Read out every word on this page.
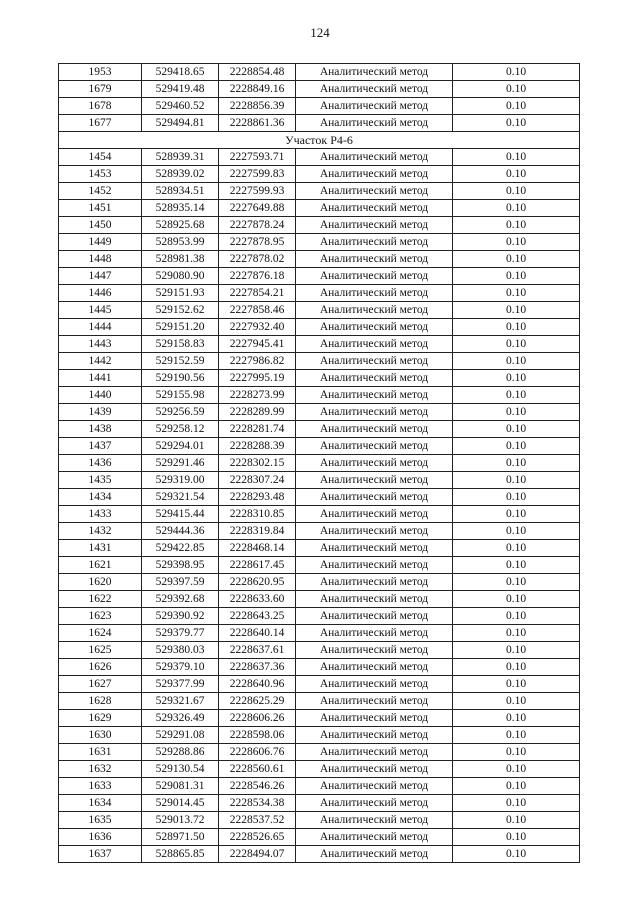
124
1953	529418.65	2228854.48	Аналитический метод	0.10
1679	529419.48	2228849.16	Аналитический метод	0.10
1678	529460.52	2228856.39	Аналитический метод	0.10
1677	529494.81	2228861.36	Аналитический метод	0.10
Участок Р4-6				
1454	528939.31	2227593.71	Аналитический метод	0.10
1453	528939.02	2227599.83	Аналитический метод	0.10
1452	528934.51	2227599.93	Аналитический метод	0.10
1451	528935.14	2227649.88	Аналитический метод	0.10
1450	528925.68	2227878.24	Аналитический метод	0.10
1449	528953.99	2227878.95	Аналитический метод	0.10
1448	528981.38	2227878.02	Аналитический метод	0.10
1447	529080.90	2227876.18	Аналитический метод	0.10
1446	529151.93	2227854.21	Аналитический метод	0.10
1445	529152.62	2227858.46	Аналитический метод	0.10
1444	529151.20	2227932.40	Аналитический метод	0.10
1443	529158.83	2227945.41	Аналитический метод	0.10
1442	529152.59	2227986.82	Аналитический метод	0.10
1441	529190.56	2227995.19	Аналитический метод	0.10
1440	529155.98	2228273.99	Аналитический метод	0.10
1439	529256.59	2228289.99	Аналитический метод	0.10
1438	529258.12	2228281.74	Аналитический метод	0.10
1437	529294.01	2228288.39	Аналитический метод	0.10
1436	529291.46	2228302.15	Аналитический метод	0.10
1435	529319.00	2228307.24	Аналитический метод	0.10
1434	529321.54	2228293.48	Аналитический метод	0.10
1433	529415.44	2228310.85	Аналитический метод	0.10
1432	529444.36	2228319.84	Аналитический метод	0.10
1431	529422.85	2228468.14	Аналитический метод	0.10
1621	529398.95	2228617.45	Аналитический метод	0.10
1620	529397.59	2228620.95	Аналитический метод	0.10
1622	529392.68	2228633.60	Аналитический метод	0.10
1623	529390.92	2228643.25	Аналитический метод	0.10
1624	529379.77	2228640.14	Аналитический метод	0.10
1625	529380.03	2228637.61	Аналитический метод	0.10
1626	529379.10	2228637.36	Аналитический метод	0.10
1627	529377.99	2228640.96	Аналитический метод	0.10
1628	529321.67	2228625.29	Аналитический метод	0.10
1629	529326.49	2228606.26	Аналитический метод	0.10
1630	529291.08	2228598.06	Аналитический метод	0.10
1631	529288.86	2228606.76	Аналитический метод	0.10
1632	529130.54	2228560.61	Аналитический метод	0.10
1633	529081.31	2228546.26	Аналитический метод	0.10
1634	529014.45	2228534.38	Аналитический метод	0.10
1635	529013.72	2228537.52	Аналитический метод	0.10
1636	528971.50	2228526.65	Аналитический метод	0.10
1637	528865.85	2228494.07	Аналитический метод	0.10
